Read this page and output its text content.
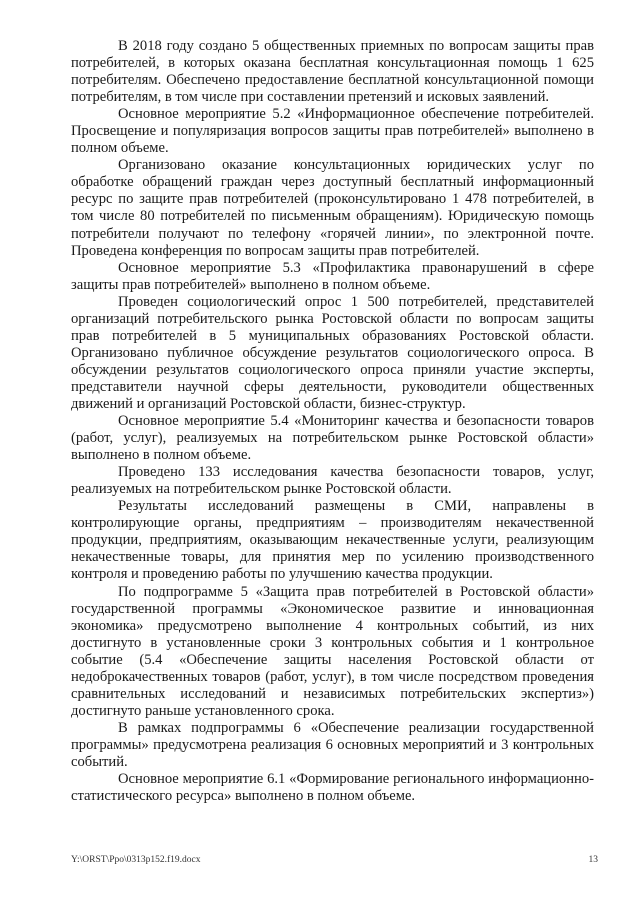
В 2018 году создано 5 общественных приемных по вопросам защиты прав потребителей, в которых оказана бесплатная консультационная помощь 1 625 потребителям. Обеспечено предоставление бесплатной консультационной помощи потребителям, в том числе при составлении претензий и исковых заявлений.

Основное мероприятие 5.2 «Информационное обеспечение потребителей. Просвещение и популяризация вопросов защиты прав потребителей» выполнено в полном объеме.

Организовано оказание консультационных юридических услуг по обработке обращений граждан через доступный бесплатный информационный ресурс по защите прав потребителей (проконсультировано 1 478 потребителей, в том числе 80 потребителей по письменным обращениям). Юридическую помощь потребители получают по телефону «горячей линии», по электронной почте. Проведена конференция по вопросам защиты прав потребителей.

Основное мероприятие 5.3 «Профилактика правонарушений в сфере защиты прав потребителей» выполнено в полном объеме.

Проведен социологический опрос 1 500 потребителей, представителей организаций потребительского рынка Ростовской области по вопросам защиты прав потребителей в 5 муниципальных образованиях Ростовской области. Организовано публичное обсуждение результатов социологического опроса. В обсуждении результатов социологического опроса приняли участие эксперты, представители научной сферы деятельности, руководители общественных движений и организаций Ростовской области, бизнес-структур.

Основное мероприятие 5.4 «Мониторинг качества и безопасности товаров (работ, услуг), реализуемых на потребительском рынке Ростовской области» выполнено в полном объеме.

Проведено 133 исследования качества безопасности товаров, услуг, реализуемых на потребительском рынке Ростовской области.

Результаты исследований размещены в СМИ, направлены в контролирующие органы, предприятиям – производителям некачественной продукции, предприятиям, оказывающим некачественные услуги, реализующим некачественные товары, для принятия мер по усилению производственного контроля и проведению работы по улучшению качества продукции.

По подпрограмме 5 «Защита прав потребителей в Ростовской области» государственной программы «Экономическое развитие и инновационная экономика» предусмотрено выполнение 4 контрольных событий, из них достигнуто в установленные сроки 3 контрольных события и 1 контрольное событие (5.4 «Обеспечение защиты населения Ростовской области от недоброкачественных товаров (работ, услуг), в том числе посредством проведения сравнительных исследований и независимых потребительских экспертиз») достигнуто раньше установленного срока.

В рамках подпрограммы 6 «Обеспечение реализации государственной программы» предусмотрена реализация 6 основных мероприятий и 3 контрольных событий.

Основное мероприятие 6.1 «Формирование регионального информационно-статистического ресурса» выполнено в полном объеме.

Y:\ORST\Ppo\0313p152.f19.docx	13
